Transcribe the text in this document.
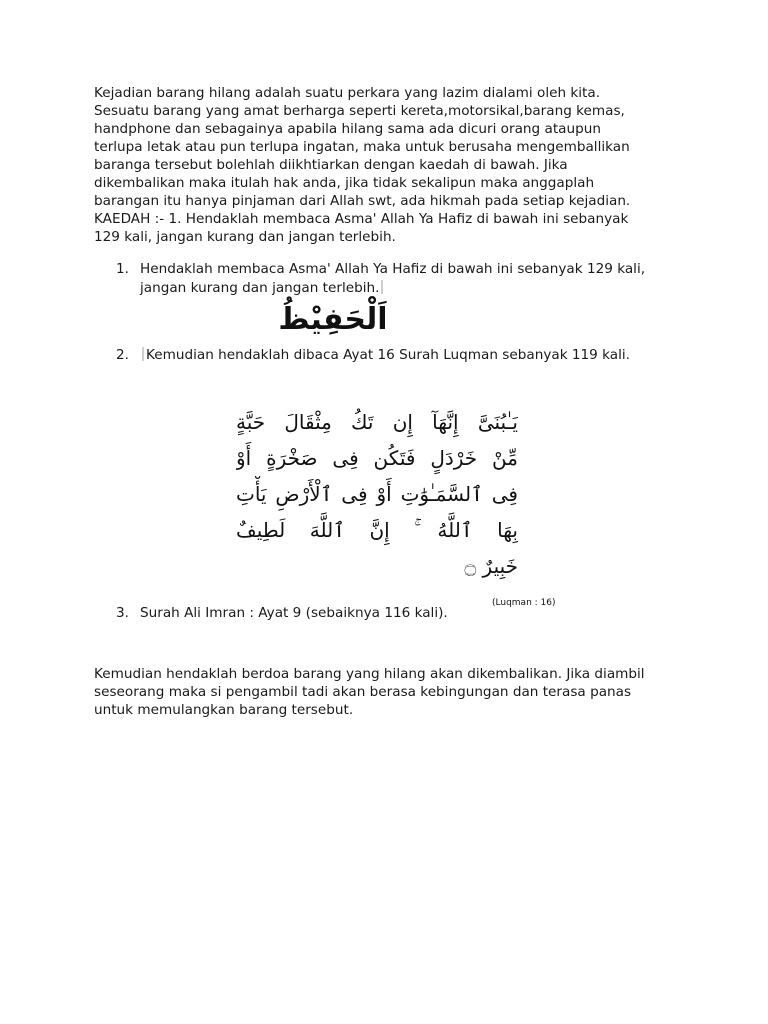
Kejadian barang hilang adalah suatu perkara yang lazim dialami oleh kita.
Sesuatu barang yang amat berharga seperti kereta,motorsikal,barang kemas,
handphone dan sebagainya apabila hilang sama ada dicuri orang ataupun
terlupa letak atau pun terlupa ingatan, maka untuk berusaha mengemballikan
baranga tersebut bolehlah diikhtiarkan dengan kaedah di bawah. Jika
dikembalikan maka itulah hak anda, jika tidak sekalipun maka anggaplah
barangan itu hanya pinjaman dari Allah swt, ada hikmah pada setiap kejadian.
KAEDAH :- 1. Hendaklah membaca Asma' Allah Ya Hafiz di bawah ini sebanyak
129 kali, jangan kurang dan jangan terlebih.

1. Hendaklah membaca Asma' Allah Ya Hafiz di bawah ini sebanyak 129 kali,
jangan kurang dan jangan terlebih.
اَلْحَفِيْظُ
2. Kemudian hendaklah dibaca Ayat 16 Surah Luqman sebanyak 119 kali.
يَـٰبُنَىَّ إِنَّهَآ إِن تَكُ مِثْقَالَ حَبَّةٍ
مِّنْ خَرْدَلٍ فَتَكُن فِى صَخْرَةٍ أَوْ
فِى ٱلسَّمَـٰوَٰتِ أَوْ فِى ٱلْأَرْضِ يَأْتِ
بِهَا ٱللَّهُ ۚ إِنَّ ٱللَّهَ لَطِيفٌ
خَبِيرٌ ۝
(Luqman : 16)
3. Surah Ali Imran : Ayat 9 (sebaiknya 116 kali).

Kemudian hendaklah berdoa barang yang hilang akan dikembalikan. Jika diambil
seseorang maka si pengambil tadi akan berasa kebingungan dan terasa panas
untuk memulangkan barang tersebut.
